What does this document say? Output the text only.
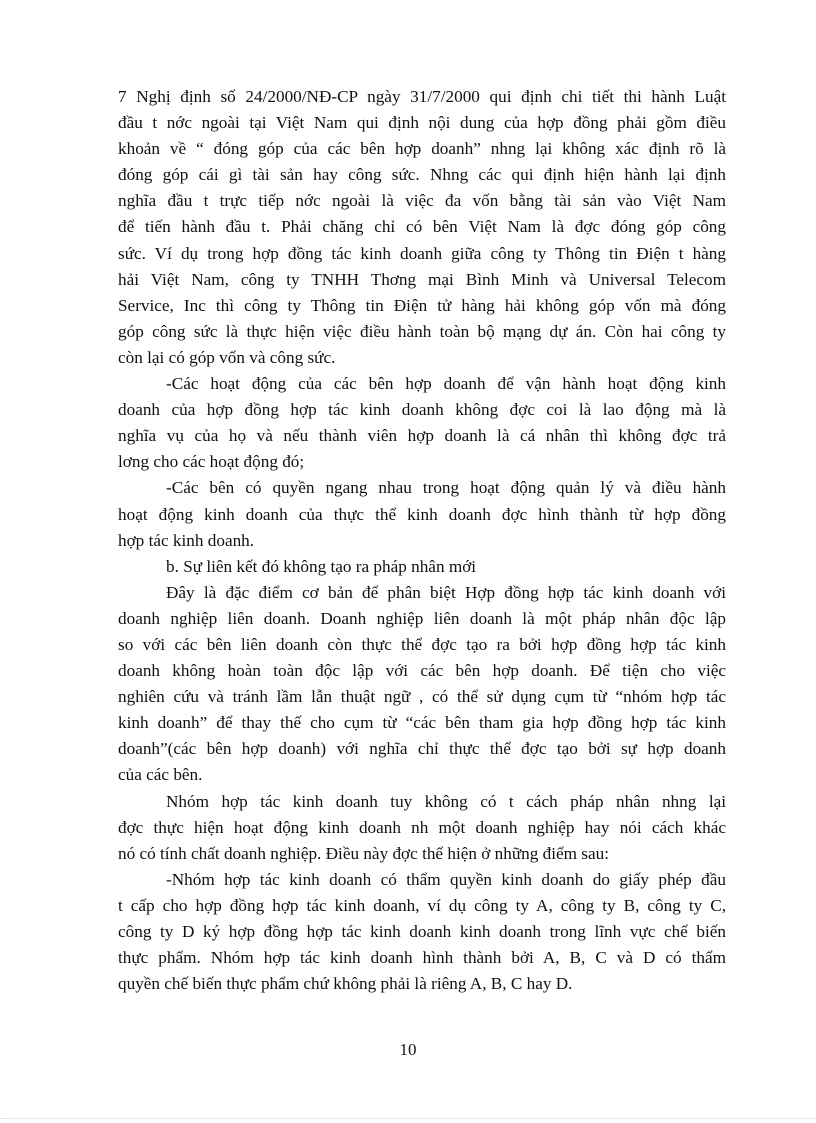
7 Nghị định số 24/2000/NĐ-CP ngày 31/7/2000 qui định chi tiết thi hành Luật
đầu t nớc ngoài tại Việt Nam qui định nội dung của hợp đồng phải gồm điều
khoản về “ đóng góp của các bên hợp doanh” nhng lại không xác định rõ là
đóng góp cái gì tài sản hay công sức. Nhng các qui định hiện hành lại định
nghĩa đầu t trực tiếp nớc ngoài là việc đa vốn bằng tài sản vào Việt Nam
để tiến hành đầu t. Phải chăng chỉ có bên Việt Nam là đợc đóng góp công
sức. Ví dụ trong hợp đồng tác kinh doanh giữa công ty Thông tin Điện t hàng
hải Việt Nam, công ty TNHH Thơng mại Bình Minh và Universal Telecom
Service, Inc thì công ty Thông tin Điện tử hàng hải không góp vốn mà đóng
góp công sức là thực hiện việc điều hành toàn bộ mạng dự án. Còn hai công ty
còn lại có góp vốn và công sức.
-Các hoạt động của các bên hợp doanh để vận hành hoạt động kinh
doanh của hợp đồng hợp tác kinh doanh không đợc coi là lao động mà là
nghĩa vụ của họ và nếu thành viên hợp doanh là cá nhân thì không đợc trả
lơng cho các hoạt động đó;
-Các bên có quyền ngang nhau trong hoạt động quản lý và điều hành
hoạt động kinh doanh của thực thể kinh doanh đợc hình thành từ hợp đồng
hợp tác kinh doanh.
b. Sự liên kết đó không tạo ra pháp nhân mới
Đây là đặc điểm cơ bản để phân biệt Hợp đồng hợp tác kinh doanh với
doanh nghiệp liên doanh. Doanh nghiệp liên doanh là một pháp nhân độc lập
so với các bên liên doanh còn thực thể đợc tạo ra bởi hợp đồng hợp tác kinh
doanh không hoàn toàn độc lập với các bên hợp doanh. Để tiện cho việc
nghiên cứu và tránh lầm lẫn thuật ngữ , có thể sử dụng cụm từ “nhóm hợp tác
kinh doanh” để thay thế cho cụm từ “các bên tham gia hợp đồng hợp tác kinh
doanh”(các bên hợp doanh) với nghĩa chỉ thực thể đợc tạo bởi sự hợp doanh
của các bên.
Nhóm hợp tác kinh doanh tuy không có t cách pháp nhân nhng lại
đợc thực hiện hoạt động kinh doanh nh một doanh nghiệp hay nói cách khác
nó có tính chất doanh nghiệp. Điều này đợc thể hiện ở những điểm sau:
-Nhóm hợp tác kinh doanh có thẩm quyền kinh doanh do giấy phép đầu
t cấp cho hợp đồng hợp tác kinh doanh, ví dụ công ty A, công ty B, công ty C,
công ty D ký hợp đồng hợp tác kinh doanh kinh doanh trong lĩnh vực chế biến
thực phẩm. Nhóm hợp tác kinh doanh hình thành bởi A, B, C và D có thẩm
quyền chế biến thực phẩm chứ không phải là riêng A, B, C hay D.
10
